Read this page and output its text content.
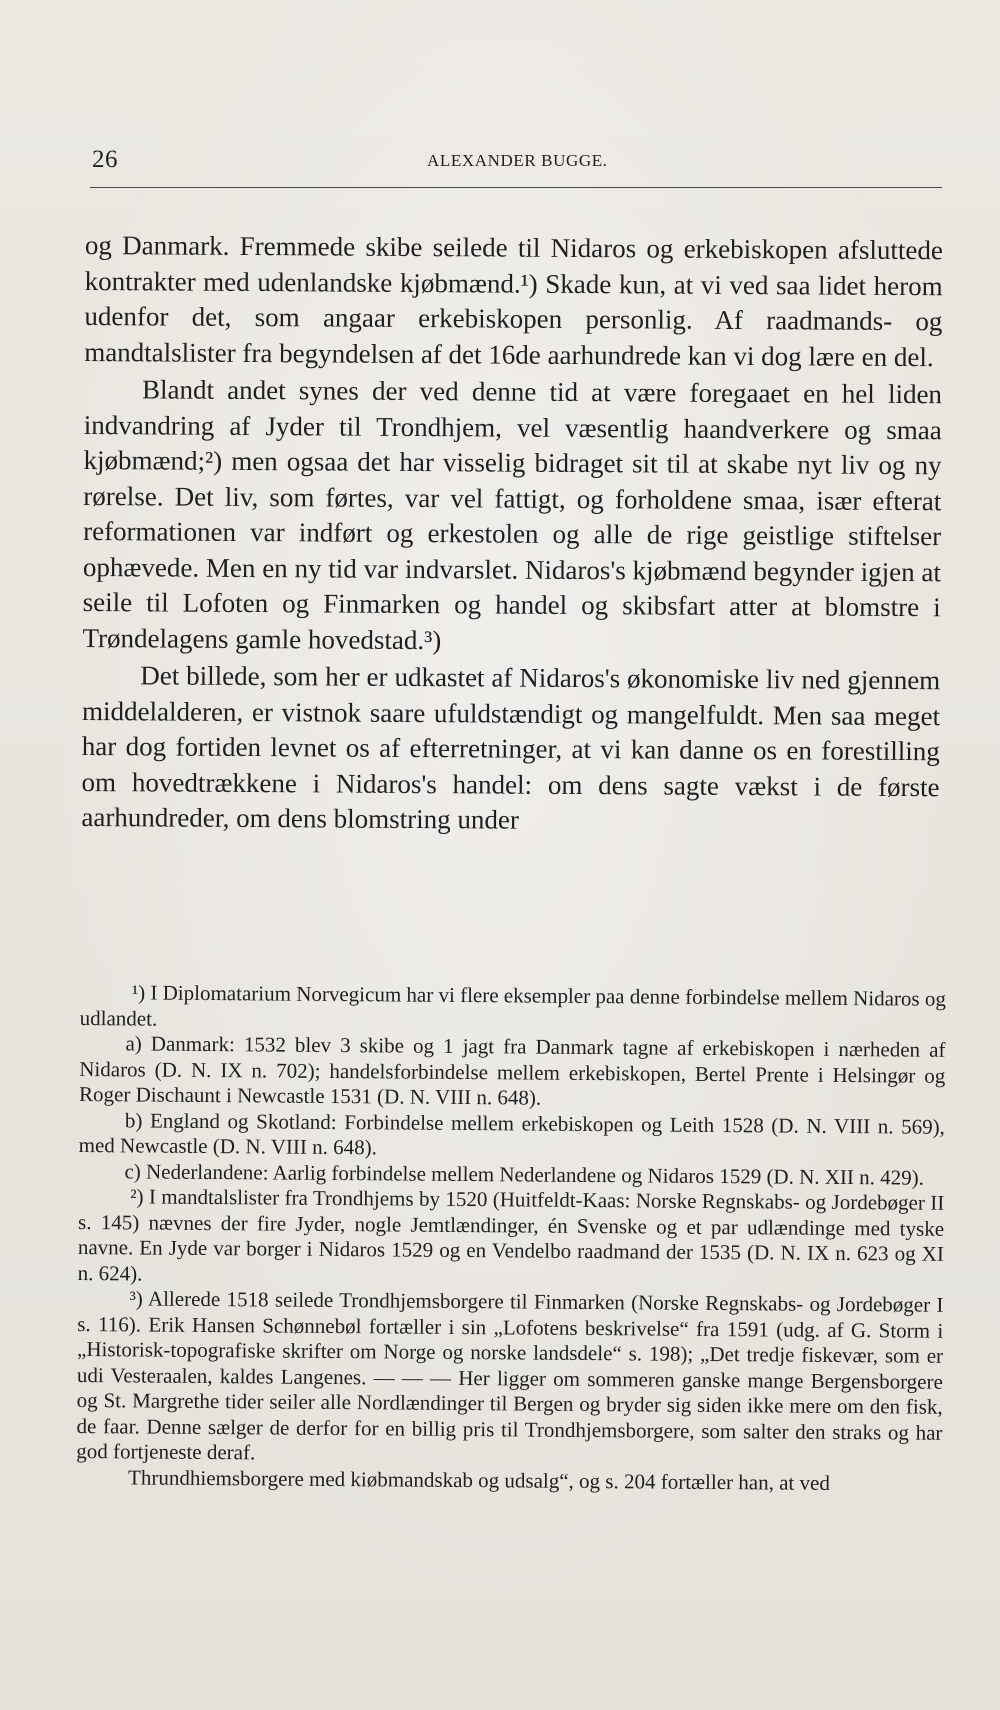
26	ALEXANDER BUGGE.

og Danmark. Fremmede skibe seilede til Nidaros og erkebiskopen afsluttede kontrakter med udenlandske kjøbmænd.¹) Skade kun, at vi ved saa lidet herom udenfor det, som angaar erkebiskopen personlig. Af raadmands- og mandtalslister fra begyndelsen af det 16de aarhundrede kan vi dog lære en del.

Blandt andet synes der ved denne tid at være foregaaet en hel liden indvandring af Jyder til Trondhjem, vel væsentlig haandverkere og smaa kjøbmænd;²) men ogsaa det har visselig bidraget sit til at skabe nyt liv og ny rørelse. Det liv, som førtes, var vel fattigt, og forholdene smaa, især efterat reformationen var indført og erkestolen og alle de rige geistlige stiftelser ophævede. Men en ny tid var indvarslet. Nidaros's kjøbmænd begynder igjen at seile til Lofoten og Finmarken og handel og skibsfart atter at blomstre i Trøndelagens gamle hovedstad.³)

Det billede, som her er udkastet af Nidaros's økonomiske liv ned gjennem middelalderen, er vistnok saare ufuldstændigt og mangelfuldt. Men saa meget har dog fortiden levnet os af efterretninger, at vi kan danne os en forestilling om hovedtrækkene i Nidaros's handel: om dens sagte vækst i de første aarhundreder, om dens blomstring under

¹) I Diplomatarium Norvegicum har vi flere eksempler paa denne forbindelse mellem Nidaros og udlandet.

a) Danmark: 1532 blev 3 skibe og 1 jagt fra Danmark tagne af erkebiskopen i nærheden af Nidaros (D. N. IX n. 702); handelsforbindelse mellem erkebiskopen, Bertel Prente i Helsingør og Roger Dischaunt i Newcastle 1531 (D. N. VIII n. 648).

b) England og Skotland: Forbindelse mellem erkebiskopen og Leith 1528 (D. N. VIII n. 569), med Newcastle (D. N. VIII n. 648).

c) Nederlandene: Aarlig forbindelse mellem Nederlandene og Nidaros 1529 (D. N. XII n. 429).

²) I mandtalslister fra Trondhjems by 1520 (Huitfeldt-Kaas: Norske Regnskabs- og Jordebøger II s. 145) nævnes der fire Jyder, nogle Jemtlændinger, én Svenske og et par udlændinge med tyske navne. En Jyde var borger i Nidaros 1529 og en Vendelbo raadmand der 1535 (D. N. IX n. 623 og XI n. 624).

³) Allerede 1518 seilede Trondhjemsborgere til Finmarken (Norske Regnskabs- og Jordebøger I s. 116). Erik Hansen Schønnebøl fortæller i sin „Lofotens beskrivelse“ fra 1591 (udg. af G. Storm i „Historisk-topografiske skrifter om Norge og norske landsdele“ s. 198); „Det tredje fiskevær, som er udi Vesteraalen, kaldes Langenes. — — — Her ligger om sommeren ganske mange Bergensborgere og St. Margrethe tider seiler alle Nordlændinger til Bergen og bryder sig siden ikke mere om den fisk, de faar. Denne sælger de derfor for en billig pris til Trondhjemsborgere, som salter den straks og har god fortjeneste deraf.

Thrundhiemsborgere med kiøbmandskab og udsalg“, og s. 204 fortæller han, at ved
